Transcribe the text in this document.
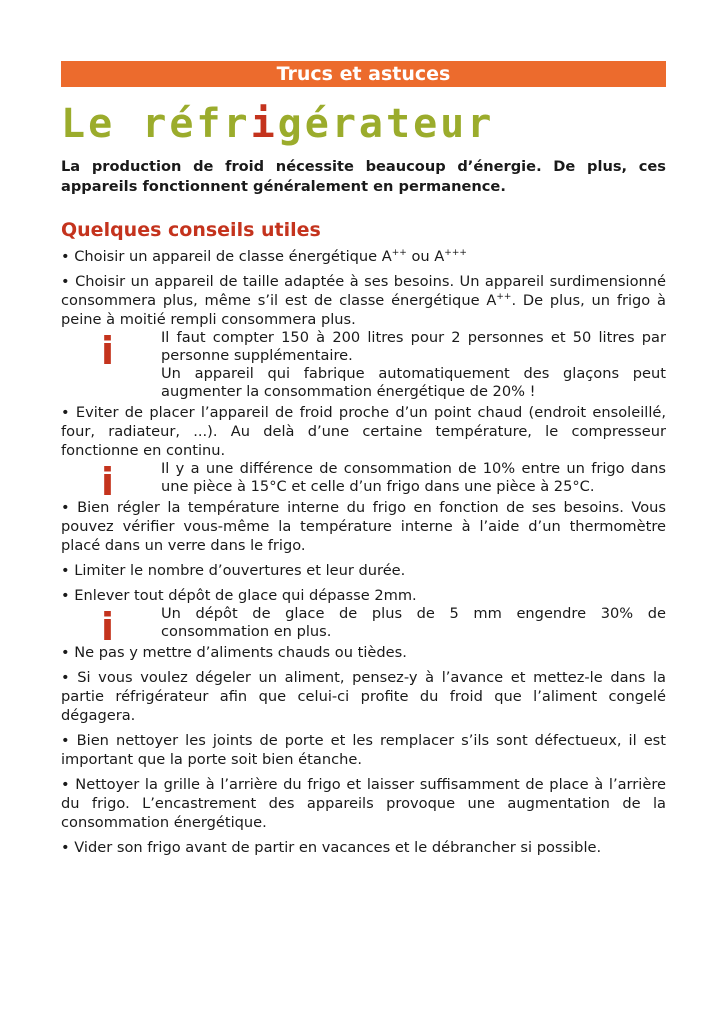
Trucs et astuces
Le réfrigérateur

La production de froid nécessite beaucoup d’énergie. De plus, ces appareils fonctionnent généralement en permanence.

Quelques conseils utiles

• Choisir un appareil de classe énergétique A++ ou A+++

• Choisir un appareil de taille adaptée à ses besoins. Un appareil surdimensionné consommera plus, même s’il est de classe énergétique A++. De plus, un frigo à peine à moitié rempli consommera plus.

i	Il faut compter 150 à 200 litres pour 2 personnes et 50 litres par personne supplémentaire.

Un appareil qui fabrique automatiquement des glaçons peut augmenter la consommation énergétique de 20% !

• Eviter de placer l’appareil de froid proche d’un point chaud (endroit ensoleillé, four, radiateur, ...). Au delà d’une certaine température, le compresseur fonctionne en continu.

i	Il y a une différence de consommation de 10% entre un frigo dans une pièce à 15°C et celle d’un frigo dans une pièce à 25°C.

• Bien régler la température interne du frigo en fonction de ses besoins. Vous pouvez vérifier vous-même la température interne à l’aide d’un thermomètre placé dans un verre dans le frigo.

• Limiter le nombre d’ouvertures et leur durée.

• Enlever tout dépôt de glace qui dépasse 2mm.

i	Un dépôt de glace de plus de 5 mm engendre 30% de consommation en plus.

• Ne pas y mettre d’aliments chauds ou tièdes.

• Si vous voulez dégeler un aliment, pensez-y à l’avance et mettez-le dans la partie réfrigérateur afin que celui-ci profite du froid que l’aliment congelé dégagera.

• Bien nettoyer les joints de porte et les remplacer s’ils sont défectueux, il est important que la porte soit bien étanche.

• Nettoyer la grille à l’arrière du frigo et laisser suffisamment de place à l’arrière du frigo. L’encastrement des appareils provoque une augmentation de la consommation énergétique.

• Vider son frigo avant de partir en vacances et le débrancher si possible.
